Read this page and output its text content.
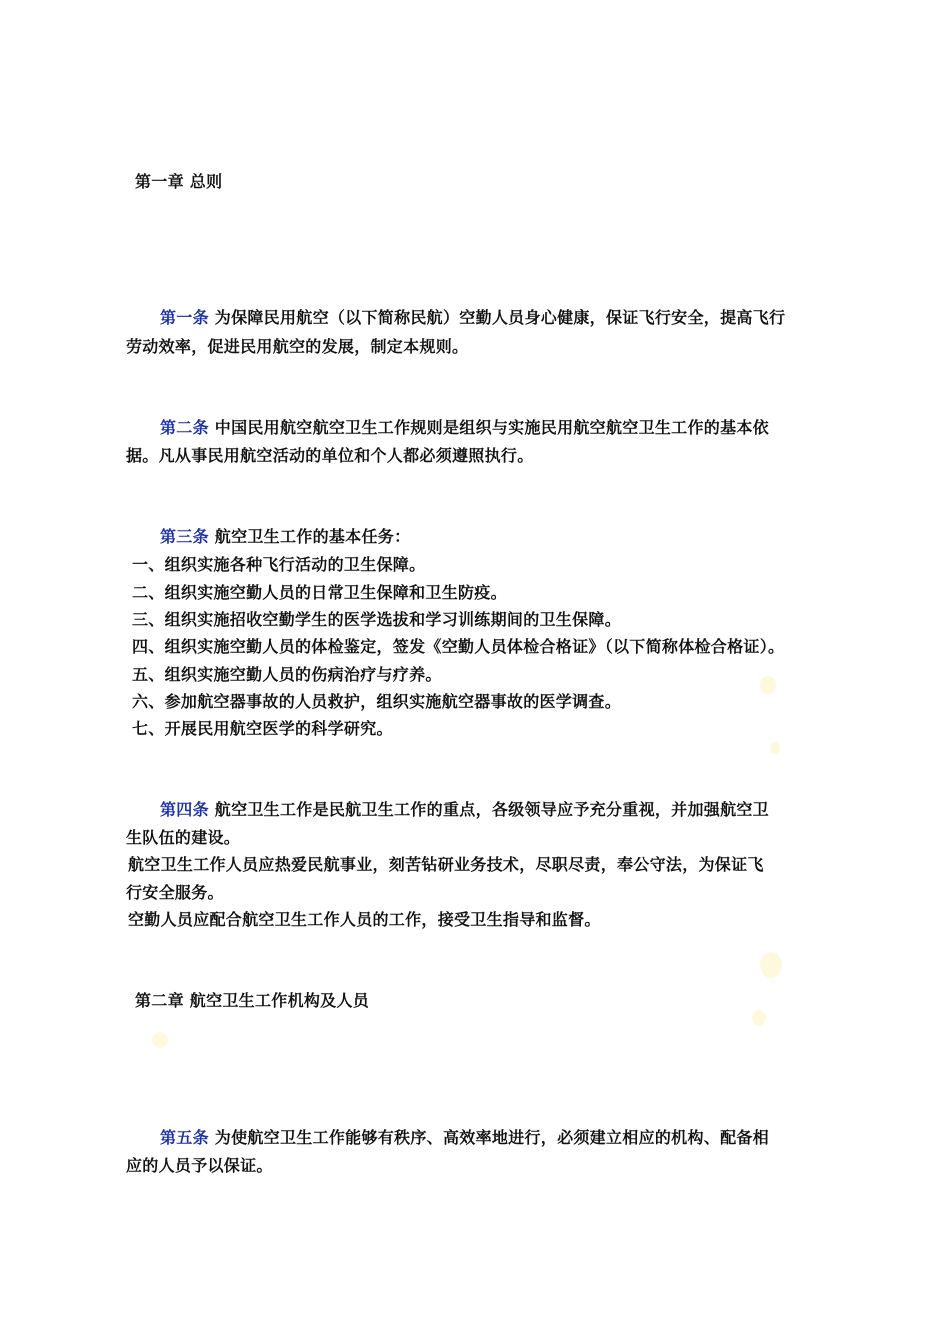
第一章 总则
第一条 为保障民用航空（以下简称民航）空勤人员身心健康，保证飞行安全，提高飞行
劳动效率，促进民用航空的发展，制定本规则。
第二条 中国民用航空航空卫生工作规则是组织与实施民用航空航空卫生工作的基本依
据。凡从事民用航空活动的单位和个人都必须遵照执行。
第三条 航空卫生工作的基本任务：
一、组织实施各种飞行活动的卫生保障。
二、组织实施空勤人员的日常卫生保障和卫生防疫。
三、组织实施招收空勤学生的医学选拔和学习训练期间的卫生保障。
四、组织实施空勤人员的体检鉴定，签发《空勤人员体检合格证》（以下简称体检合格证）。
五、组织实施空勤人员的伤病治疗与疗养。
六、参加航空器事故的人员救护，组织实施航空器事故的医学调查。
七、开展民用航空医学的科学研究。
第四条 航空卫生工作是民航卫生工作的重点，各级领导应予充分重视，并加强航空卫
生队伍的建设。
航空卫生工作人员应热爱民航事业，刻苦钻研业务技术，尽职尽责，奉公守法，为保证飞
行安全服务。
空勤人员应配合航空卫生工作人员的工作，接受卫生指导和监督。
第二章 航空卫生工作机构及人员
第五条 为使航空卫生工作能够有秩序、高效率地进行，必须建立相应的机构、配备相
应的人员予以保证。
